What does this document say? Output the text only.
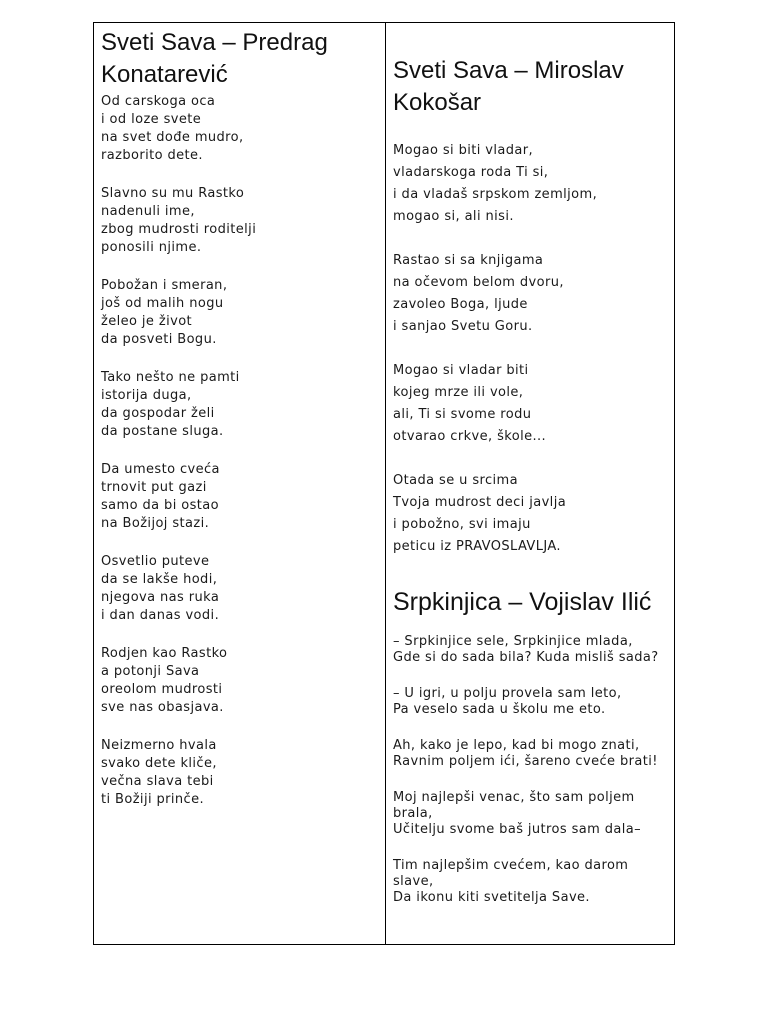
Sveti Sava – Predrag Konatarević

Od carskoga oca
i od loze svete
na svet dođe mudro,
razborito dete.

Slavno su mu Rastko
nadenuli ime,
zbog mudrosti roditelji
ponosili njime.

Pobožan i smeran,
još od malih nogu
želeo je život
da posveti Bogu.

Tako nešto ne pamti
istorija duga,
da gospodar želi
da postane sluga.

Da umesto cveća
trnovit put gazi
samo da bi ostao
na Božijoj stazi.

Osvetlio puteve
da se lakše hodi,
njegova nas ruka
i dan danas vodi.

Rodjen kao Rastko
a potonji Sava
oreolom mudrosti
sve nas obasjava.

Neizmerno hvala
svako dete kliče,
večna slava tebi
ti Božiji prinče.

Sveti Sava – Miroslav Kokošar

Mogao si biti vladar,
vladarskoga roda Ti si,
i da vladaš srpskom zemljom,
mogao si, ali nisi.

Rastao si sa knjigama
na očevom belom dvoru,
zavoleo Boga, ljude
i sanjao Svetu Goru.

Mogao si vladar biti
kojeg mrze ili vole,
ali, Ti si svome rodu
otvarao crkve, škole...

Otada se u srcima
Tvoja mudrost deci javlja
i pobožno, svi imaju
peticu iz PRAVOSLAVLJA.

Srpkinjica – Vojislav Ilić

– Srpkinjice sele, Srpkinjice mlada,
Gde si do sada bila? Kuda misliš sada?

– U igri, u polju provela sam leto,
Pa veselo sada u školu me eto.

Ah, kako je lepo, kad bi mogo znati,
Ravnim poljem ići, šareno cveće brati!

Moj najlepši venac, što sam poljem brala,
Učitelju svome baš jutros sam dala–

Tim najlepšim cvećem, kao darom slave,
Da ikonu kiti svetitelja Save.
